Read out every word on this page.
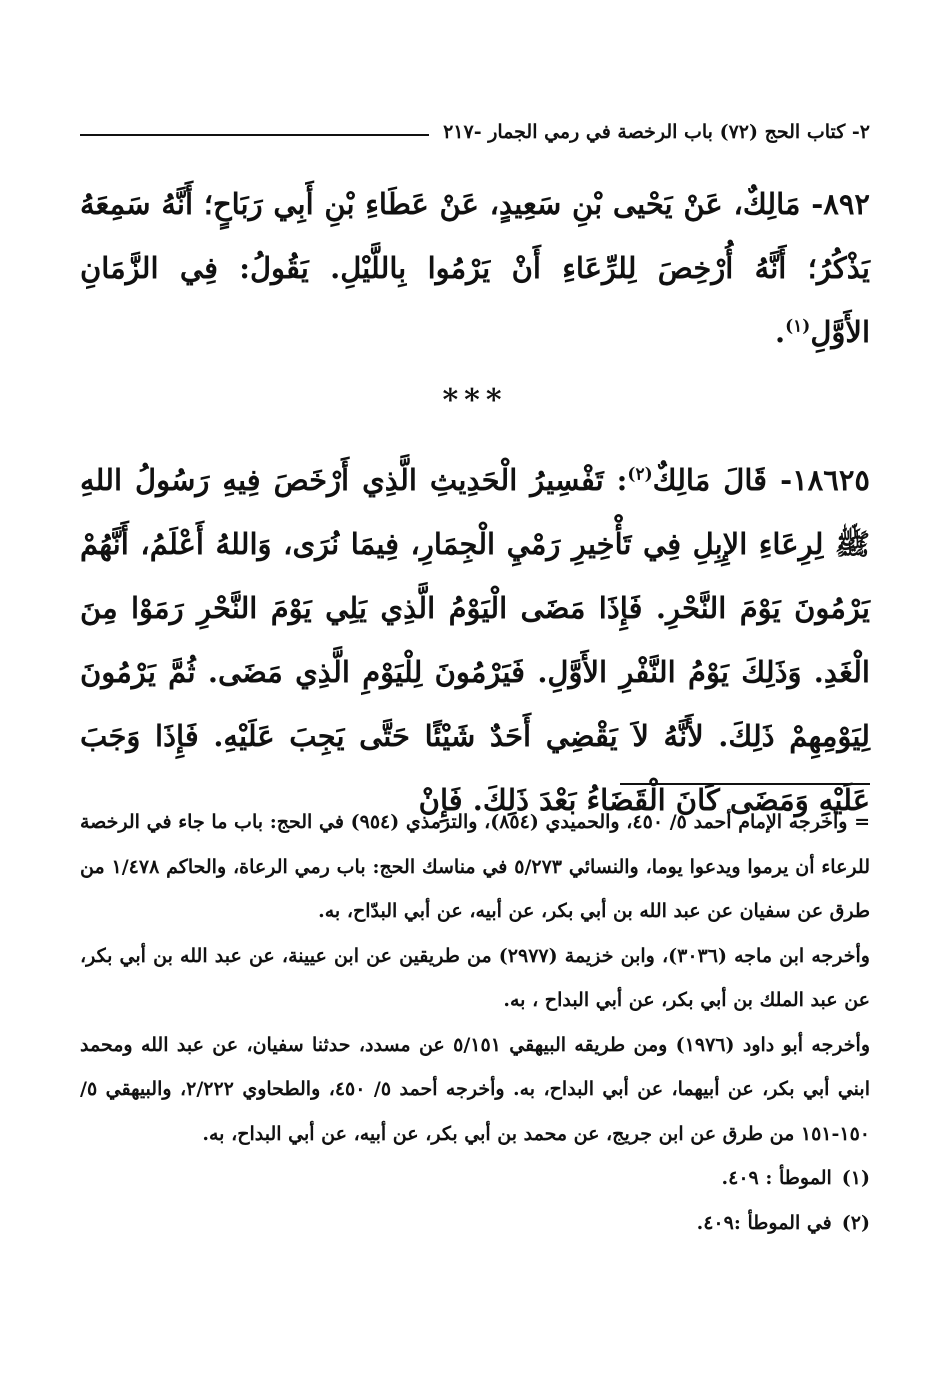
٢- كتاب الحج (٧٢) باب الرخصة في رمي الجمار -٢١٧
٨٩٢- مَالِكٌ، عَنْ يَحْيى بْنِ سَعِيدٍ، عَنْ عَطَاءِ بْنِ أَبِي رَبَاحٍ؛ أَنَّهُ سَمِعَهُ يَذْكُرُ؛ أَنَّهُ أُرْخِصَ لِلرِّعَاءِ أَنْ يَرْمُوا بِاللَّيْلِ. يَقُولُ: فِي الزَّمَانِ الأَوَّلِ$^{(١)}$.
***
١٨٦٢٥- قَالَ مَالِكٌ$^{(٢)}$: تَفْسِيرُ الْحَدِيثِ الَّذِي أَرْخَصَ فِيهِ رَسُولُ اللهِ ﷺ لِرِعَاءِ الإِبِلِ فِي تَأْخِيرِ رَمْيِ الْجِمَارِ، فِيمَا نُرَى، وَاللهُ أَعْلَمُ، أَنَّهُمْ يَرْمُونَ يَوْمَ النَّحْرِ. فَإِذَا مَضَى الْيَوْمُ الَّذِي يَلِي يَوْمَ النَّحْرِ رَمَوْا مِنَ الْغَدِ. وَذَلِكَ يَوْمُ النَّفْرِ الأَوَّلِ. فَيَرْمُونَ لِلْيَوْمِ الَّذِي مَضَى. ثُمَّ يَرْمُونَ لِيَوْمِهِمْ ذَلِكَ. لأَنَّهُ لاَ يَقْضِي أَحَدٌ شَيْئًا حَتَّى يَجِبَ عَلَيْهِ. فَإِذَا وَجَبَ عَلَيْهِ وَمَضَى كَانَ الْقَضَاءُ بَعْدَ ذَلِكَ. فَإِنْ

= وأخرجه الإمام أحمد ٥/ ٤٥٠، والحميدي (٨٥٤)، والترمذي (٩٥٤) في الحج: باب ما جاء في الرخصة للرعاء أن يرموا ويدعوا يوما، والنسائي ٥/٢٧٣ في مناسك الحج: باب رمي الرعاة، والحاكم ١/٤٧٨ من طرق عن سفيان عن عبد الله بن أبي بكر، عن أبيه، عن أبي البدّاح، به.

وأخرجه ابن ماجه (٣٠٣٦)، وابن خزيمة (٢٩٧٧) من طريقين عن ابن عيينة، عن عبد الله بن أبي بكر، عن عبد الملك بن أبي بكر، عن أبي البداح ، به.

وأخرجه أبو داود (١٩٧٦) ومن طريقه البيهقي ٥/١٥١ عن مسدد، حدثنا سفيان، عن عبد الله ومحمد ابني أبي بكر، عن أبيهما، عن أبي البداح، به. وأخرجه أحمد ٥/ ٤٥٠، والطحاوي ٢/٢٢٢، والبيهقي ٥/ ١٥٠-١٥١ من طرق عن ابن جريج، عن محمد بن أبي بكر، عن أبيه، عن أبي البداح، به.

(١)
الموطأ : ٤٠٩.

(٢)
في الموطأ :٤٠٩.
